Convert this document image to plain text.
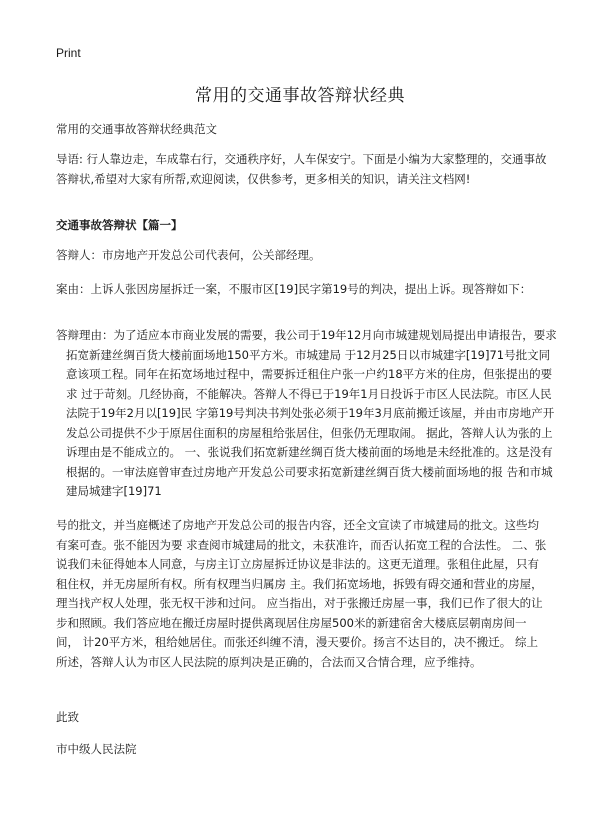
Print
常用的交通事故答辩状经典
常用的交通事故答辩状经典范文
导语: 行人靠边走，车成靠右行，交通秩序好，人车保安宁。下面是小编为大家整理的，交通事故答辩状,希望对大家有所帮,欢迎阅读，仅供参考，更多相关的知识，请关注文档网!
交通事故答辩状【篇一】
答辩人：市房地产开发总公司代表何，公关部经理。
案由：上诉人张因房屋拆迁一案，不服市区[19]民字第19号的判决，提出上诉。现答辩如下：
答辩理由：为了适应本市商业发展的需要，我公司于19年12月向市城建规划局提出申请报告，要求拓宽新建丝绸百货大楼前面场地150平方米。市城建局 于12月25日以市城建字[19]71号批文同意该项工程。同年在拓宽场地过程中，需要拆迁租住户张一户约18平方米的住房，但张提出的要求 过于苛刻。几经协商，不能解决。答辩人不得已于19年1月日投诉于市区人民法院。市区人民法院于19年2月以[19]民 字第19号判决书判处张必须于19年3月底前搬迁该屋，并由市房地产开发总公司提供不少于原居住面积的房屋租给张居住，但张仍无理取闹。 据此，答辩人认为张的上诉理由是不能成立的。 一、张说我们拓宽新建丝绸百货大楼前面的场地是未经批准的。这是没有根据的。一审法庭曾审查过房地产开发总公司要求拓宽新建丝绸百货大楼前面场地的报 告和市城建局城建字[19]71
号的批文，并当庭概述了房地产开发总公司的报告内容，还全文宣读了市城建局的批文。这些均有案可查。张不能因为要 求查阅市城建局的批文，未获准许，而否认拓宽工程的合法性。 二、张说我们未征得她本人同意，与房主订立房屋拆迁协议是非法的。这更无道理。张租住此屋，只有租住权，并无房屋所有权。所有权理当归属房 主。我们拓宽场地，拆毁有碍交通和营业的房屋，理当找产权人处理，张无权干涉和过问。 应当指出，对于张搬迁房屋一事，我们已作了很大的让步和照顾。我们答应地在搬迁房屋时提供离现居住房屋500米的新建宿舍大楼底层朝南房间一间， 计20平方米，租给她居住。而张还纠缠不清，漫天要价。扬言不达目的，决不搬迁。 综上所述，答辩人认为市区人民法院的原判决是正确的，合法而又合情合理，应予维持。
此致
市中级人民法院
